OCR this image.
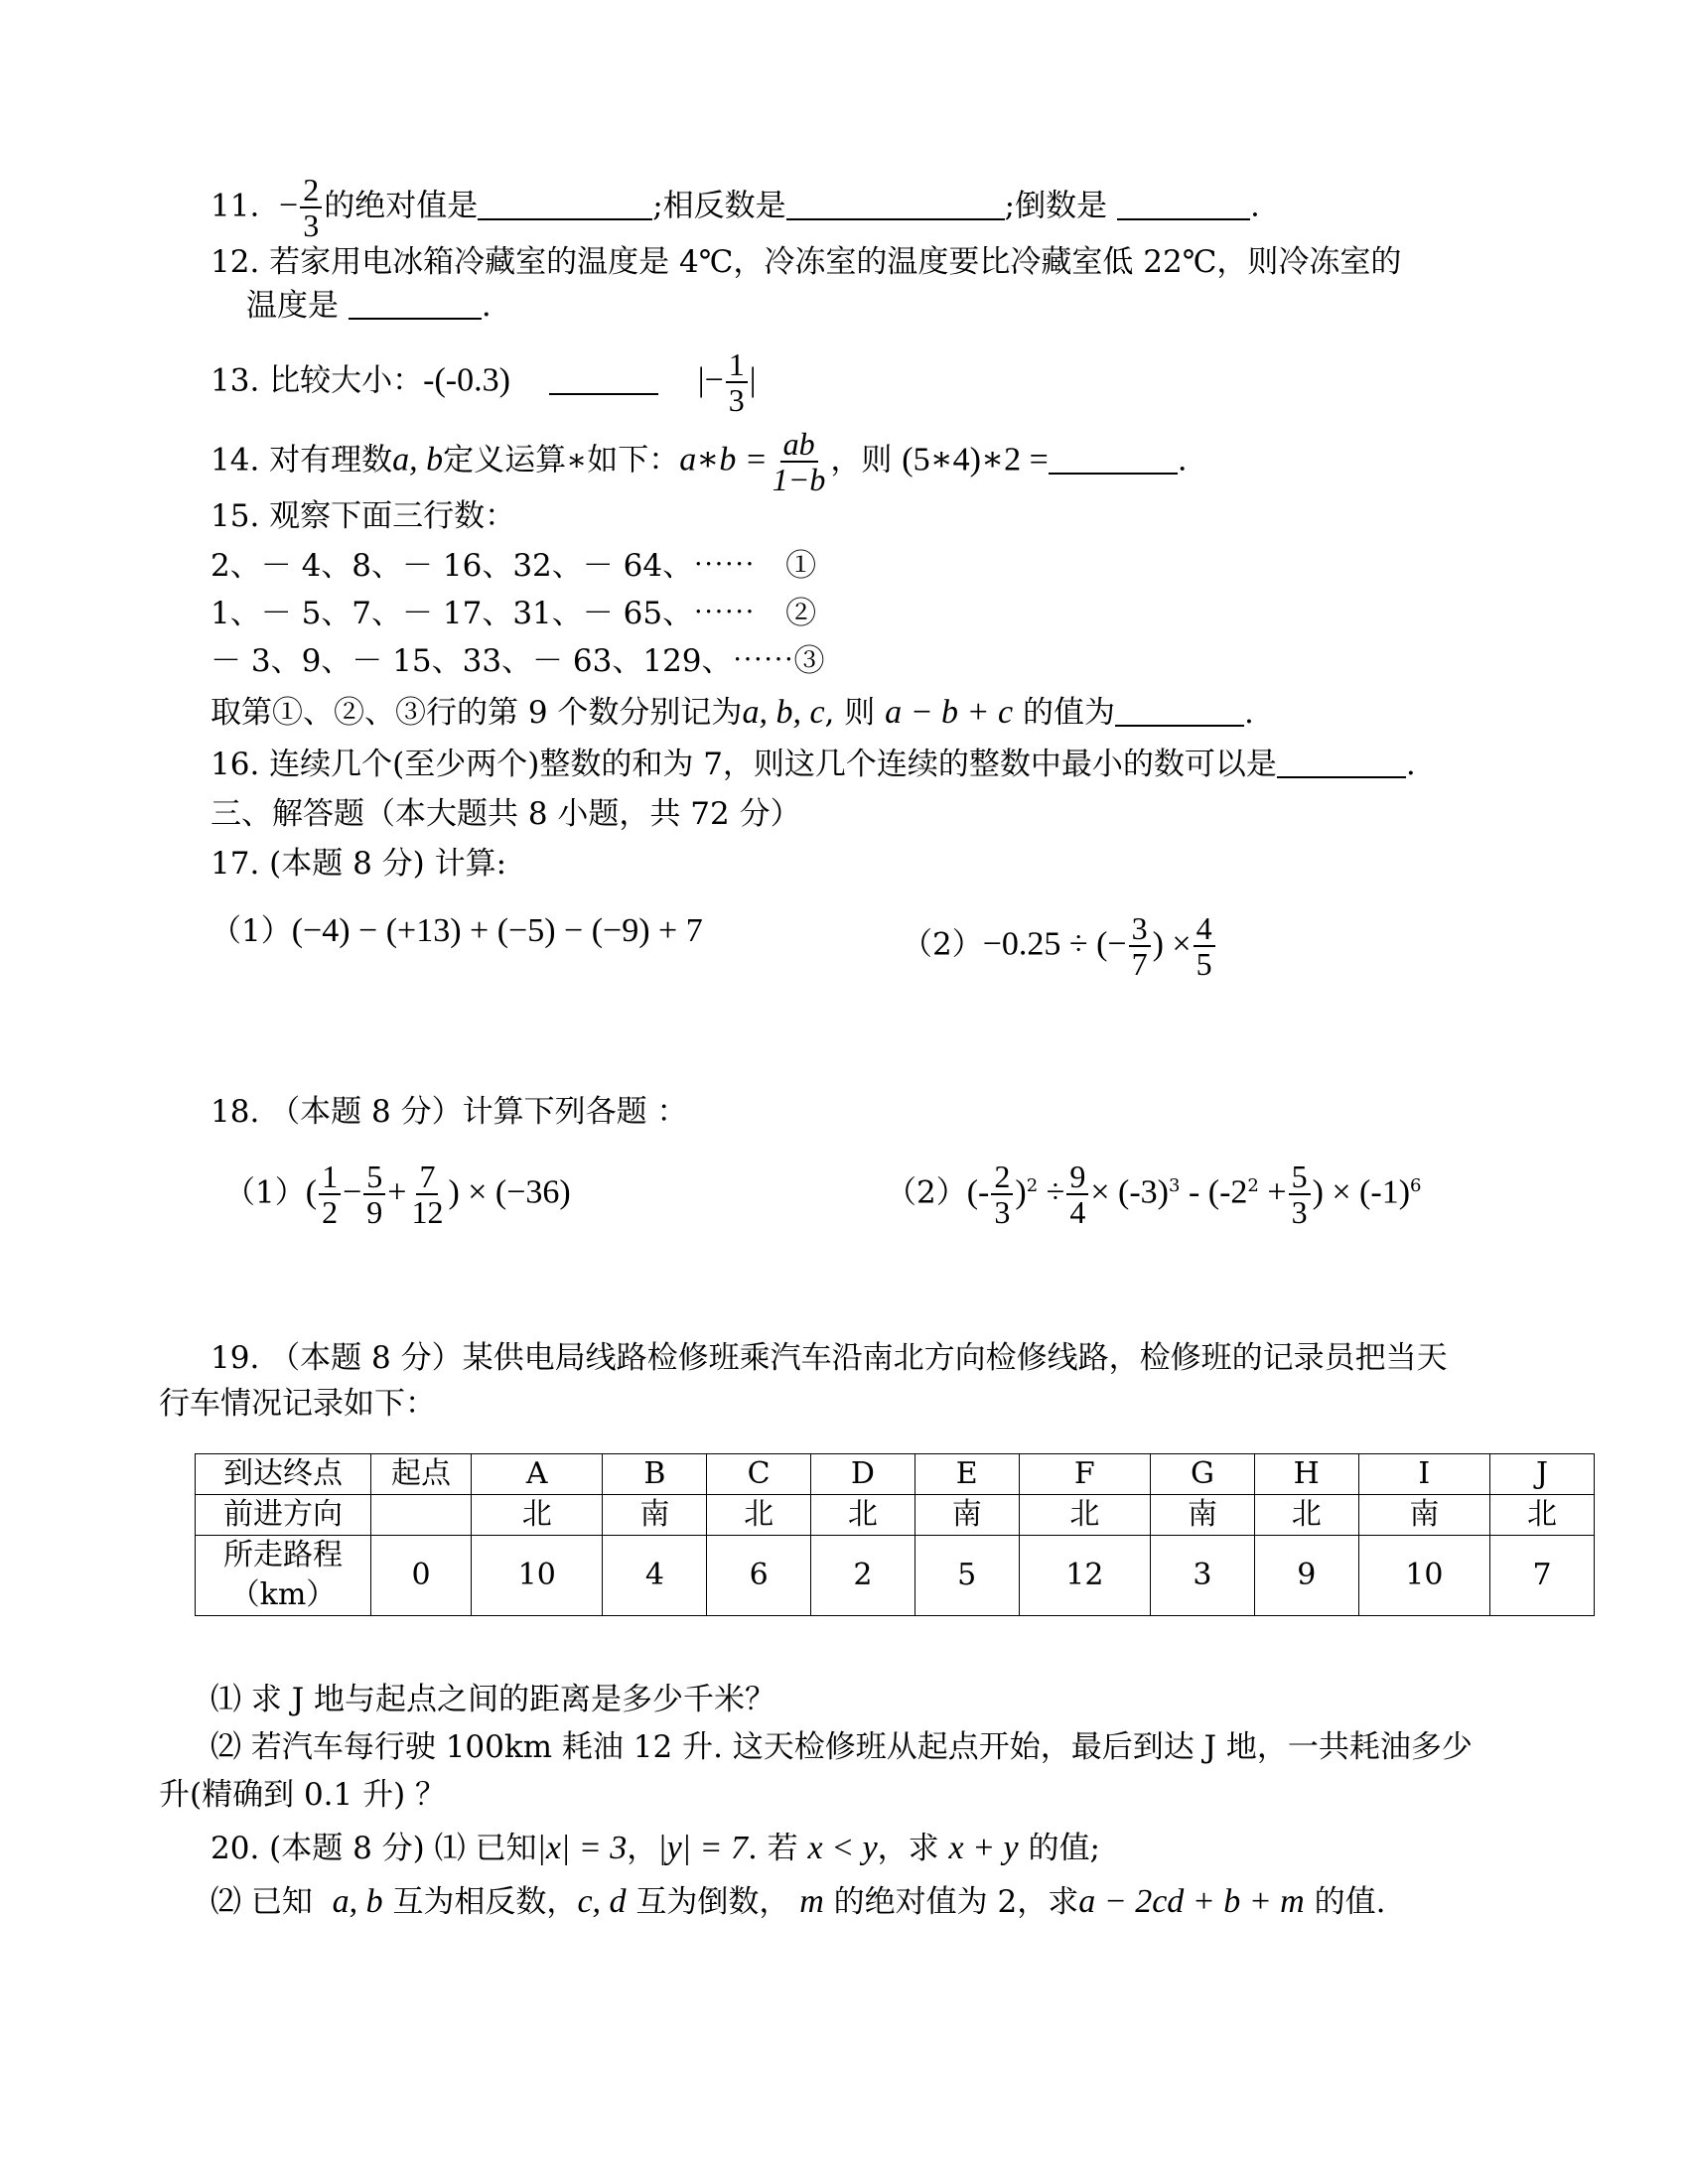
11. − $\frac{2}{3}$ 的绝对值是	;相反数是	;倒数是	.
12. 若家用电冰箱冷藏室的温度是 4℃，冷冻室的温度要比冷藏室低 22℃，则冷冻室的
温度是	.
13. 比较大小：-(-0.3)	|− $\frac{1}{3}$ |
14. 对有理数a, b定义运算∗如下：a∗b = $\frac{ab}{1-b}$ ，则 (5∗4)∗2 =	.
15. 观察下面三行数：
2、－ 4、8、－ 16、32、－ 64、⋯⋯　①
1、－ 5、7、－ 17、31、－ 65、⋯⋯　②
－ 3、9、－ 15、33、－ 63、129、⋯⋯③
取第①、②、③行的第 9 个数分别记为a, b, c, 则 a − b + c 的值为	.
16. 连续几个(至少两个)整数的和为 7，则这几个连续的整数中最小的数可以是	.
三、解答题（本大题共 8 小题，共 72 分）
17. (本题 8 分) 计算:
（1）(−4) − (+13) + (−5) − (−9) + 7	（2）−0.25 ÷ (− $\frac{3}{7}$ ) × $\frac{4}{5}$
18. （本题 8 分）计算下列各题 ：
$(1)( \frac{1}{2} - \frac{5}{9} + \frac{7}{12}$ ) × (−36)	$(2)(- \frac{2}{3} )^2 \div \frac{9}{4} \times (-3)^3 - (-2^2 + \frac{5}{3}$ ) × $(-1)^6$
19. （本题 8 分）某供电局线路检修班乘汽车沿南北方向检修线路，检修班的记录员把当天
行车情况记录如下：
到达终点	起点	A	B	C	D	E	F	G	H	I	J
前进方向		北	南	北	北	南	北	南	北	南	北
所走路程
（km）	0	10	4	6	2	5	12	3	9	10	7
⑴ 求 J 地与起点之间的距离是多少千米？
⑵ 若汽车每行驶 100km 耗油 12 升. 这天检修班从起点开始，最后到达 J 地，一共耗油多少
升(精确到 0.1 升) ？
20. (本题 8 分) ⑴ 已知|x| = 3，|y| = 7. 若 x < y，求 x + y 的值;
⑵ 已知 a, b 互为相反数，c, d 互为倒数， m 的绝对值为 2，求a − 2cd + b + m 的值.
